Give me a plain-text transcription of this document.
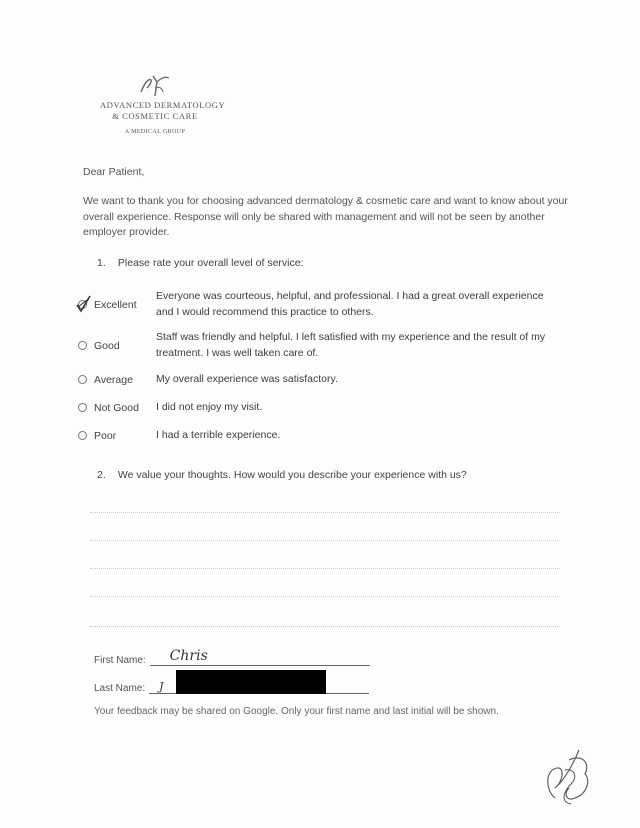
ADVANCED DERMATOLOGY
& COSMETIC CARE
A MEDICAL GROUP
Dear Patient,
We want to thank you for choosing advanced dermatology & cosmetic care and want to know about your overall experience. Response will only be shared with management and will not be seen by another employer provider.
1. Please rate your overall level of service:
Excellent
Everyone was courteous, helpful, and professional. I had a great overall experience and I would recommend this practice to others.
Good
Staff was friendly and helpful. I left satisfied with my experience and the result of my treatment. I was well taken care of.
Average My overall experience was satisfactory.
Not Good I did not enjoy my visit.
Poor	I had a terrible experience.
2. We value your thoughts. How would you describe your experience with us?
First Name: Chris
Last Name: J
Your feedback may be shared on Google. Only your first name and last initial will be shown.
